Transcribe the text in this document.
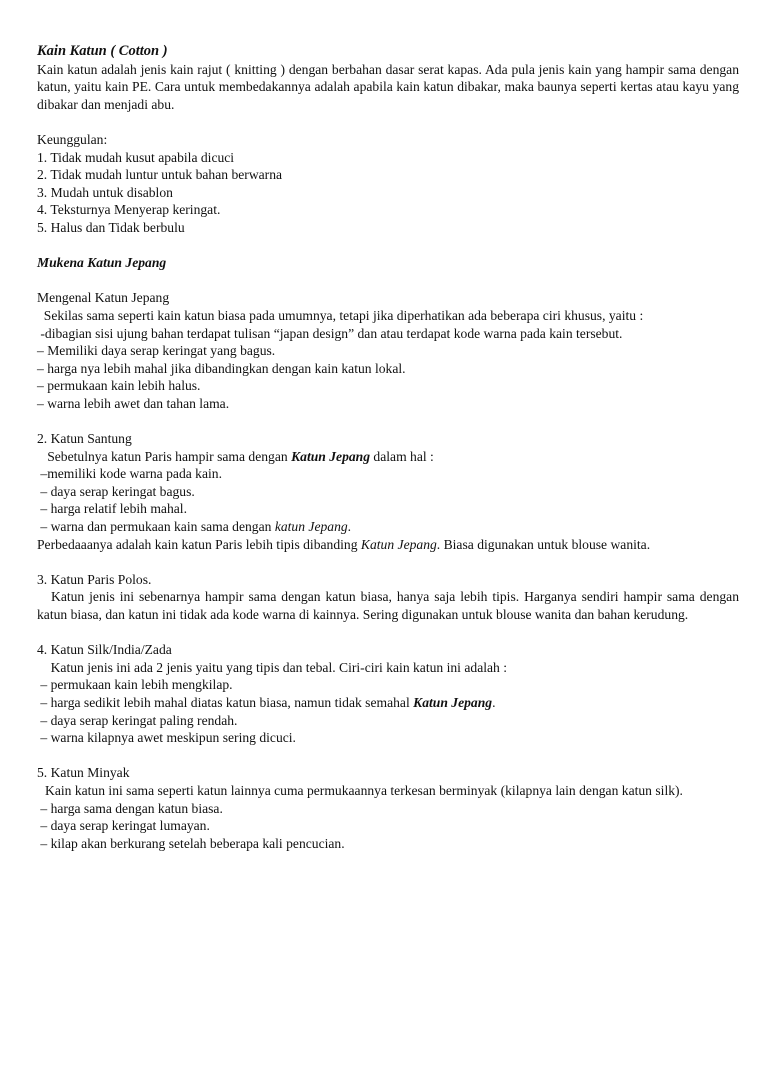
Kain Katun ( Cotton )
Kain katun adalah jenis kain rajut ( knitting ) dengan berbahan dasar serat kapas. Ada pula jenis kain yang hampir sama dengan katun, yaitu kain PE. Cara untuk membedakannya adalah apabila kain katun dibakar, maka baunya seperti kertas atau kayu yang dibakar dan menjadi abu.
Keunggulan:
1. Tidak mudah kusut apabila dicuci
2. Tidak mudah luntur untuk bahan berwarna
3. Mudah untuk disablon
4. Teksturnya Menyerap keringat.
5. Halus dan Tidak berbulu
Mukena Katun Jepang
Mengenal Katun Jepang
Sekilas sama seperti kain katun biasa pada umumnya, tetapi jika diperhatikan ada beberapa ciri khusus, yaitu :
-dibagian sisi ujung bahan terdapat tulisan “japan design” dan atau terdapat kode warna pada kain tersebut.
– Memiliki daya serap keringat yang bagus.
– harga nya lebih mahal jika dibandingkan dengan kain katun lokal.
– permukaan kain lebih halus.
– warna lebih awet dan tahan lama.
2. Katun Santung
Sebetulnya katun Paris hampir sama dengan Katun Jepang dalam hal :
–memiliki kode warna pada kain.
– daya serap keringat bagus.
– harga relatif lebih mahal.
– warna dan permukaan kain sama dengan katun Jepang.
Perbedaaanya adalah kain katun Paris lebih tipis dibanding Katun Jepang. Biasa digunakan untuk blouse wanita.
3. Katun Paris Polos.
Katun jenis ini sebenarnya hampir sama dengan katun biasa, hanya saja lebih tipis. Harganya sendiri hampir sama dengan katun biasa, dan katun ini tidak ada kode warna di kainnya. Sering digunakan untuk blouse wanita dan bahan kerudung.
4. Katun Silk/India/Zada
Katun jenis ini ada 2 jenis yaitu yang tipis dan tebal. Ciri-ciri kain katun ini adalah :
– permukaan kain lebih mengkilap.
– harga sedikit lebih mahal diatas katun biasa, namun tidak semahal Katun Jepang.
– daya serap keringat paling rendah.
– warna kilapnya awet meskipun sering dicuci.
5. Katun Minyak
Kain katun ini sama seperti katun lainnya cuma permukaannya terkesan berminyak (kilapnya lain dengan katun silk).
– harga sama dengan katun biasa.
– daya serap keringat lumayan.
– kilap akan berkurang setelah beberapa kali pencucian.
